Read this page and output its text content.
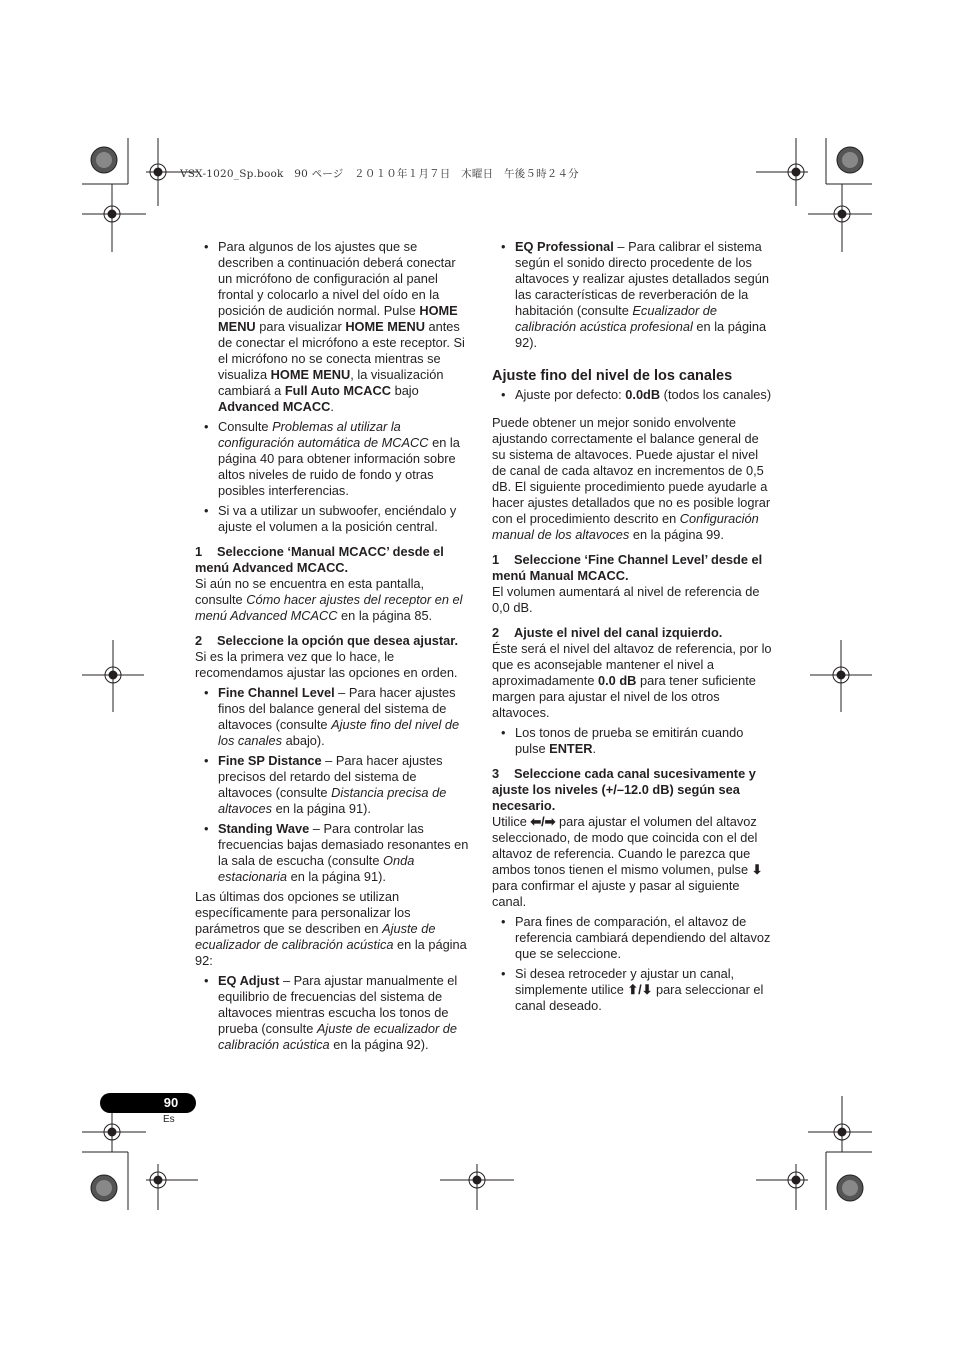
VSX-1020_Sp.book　90 ページ　２０１０年１月７日　木曜日　午後５時２４分
• Para algunos de los ajustes que se describen a continuación deberá conectar un micrófono de configuración al panel frontal y colocarlo a nivel del oído en la posición de audición normal. Pulse HOME MENU para visualizar HOME MENU antes de conectar el micrófono a este receptor. Si el micrófono no se conecta mientras se visualiza HOME MENU, la visualización cambiará a Full Auto MCACC bajo Advanced MCACC.
• Consulte Problemas al utilizar la configuración automática de MCACC en la página 40 para obtener información sobre altos niveles de ruido de fondo y otras posibles interferencias.
• Si va a utilizar un subwoofer, enciéndalo y ajuste el volumen a la posición central.
1 Seleccione ‘Manual MCACC’ desde el menú Advanced MCACC.

Si aún no se encuentra en esta pantalla, consulte Cómo hacer ajustes del receptor en el menú Advanced MCACC en la página 85.

2 Seleccione la opción que desea ajustar.

Si es la primera vez que lo hace, le recomendamos ajustar las opciones en orden.

• Fine Channel Level – Para hacer ajustes finos del balance general del sistema de altavoces (consulte Ajuste fino del nivel de los canales abajo).
• Fine SP Distance – Para hacer ajustes precisos del retardo del sistema de altavoces (consulte Distancia precisa de altavoces en la página 91).
• Standing Wave – Para controlar las frecuencias bajas demasiado resonantes en la sala de escucha (consulte Onda estacionaria en la página 91).

Las últimas dos opciones se utilizan específicamente para personalizar los parámetros que se describen en Ajuste de ecualizador de calibración acústica en la página 92:

• EQ Adjust – Para ajustar manualmente el equilibrio de frecuencias del sistema de altavoces mientras escucha los tonos de prueba (consulte Ajuste de ecualizador de calibración acústica en la página 92).
• EQ Professional – Para calibrar el sistema según el sonido directo procedente de los altavoces y realizar ajustes detallados según las características de reverberación de la habitación (consulte Ecualizador de calibración acústica profesional en la página 92).
Ajuste fino del nivel de los canales
• Ajuste por defecto: 0.0dB (todos los canales)

Puede obtener un mejor sonido envolvente ajustando correctamente el balance general de su sistema de altavoces. Puede ajustar el nivel de canal de cada altavoz en incrementos de 0,5 dB. El siguiente procedimiento puede ayudarle a hacer ajustes detallados que no es posible lograr con el procedimiento descrito en Configuración manual de los altavoces en la página 99.

1 Seleccione ‘Fine Channel Level’ desde el menú Manual MCACC.

El volumen aumentará al nivel de referencia de 0,0 dB.

2 Ajuste el nivel del canal izquierdo.

Éste será el nivel del altavoz de referencia, por lo que es aconsejable mantener el nivel a aproximadamente 0.0 dB para tener suficiente margen para ajustar el nivel de los otros altavoces.

• Los tonos de prueba se emitirán cuando pulse ENTER.
3 Seleccione cada canal sucesivamente y ajuste los niveles (+/–12.0 dB) según sea necesario.

Utilice ⬅/➡ para ajustar el volumen del altavoz seleccionado, de modo que coincida con el del altavoz de referencia. Cuando le parezca que ambos tonos tienen el mismo volumen, pulse ⬇ para confirmar el ajuste y pasar al siguiente canal.

• Para fines de comparación, el altavoz de referencia cambiará dependiendo del altavoz que se seleccione.
• Si desea retroceder y ajustar un canal, simplemente utilice ⬆/⬇ para seleccionar el canal deseado.
90
Es
